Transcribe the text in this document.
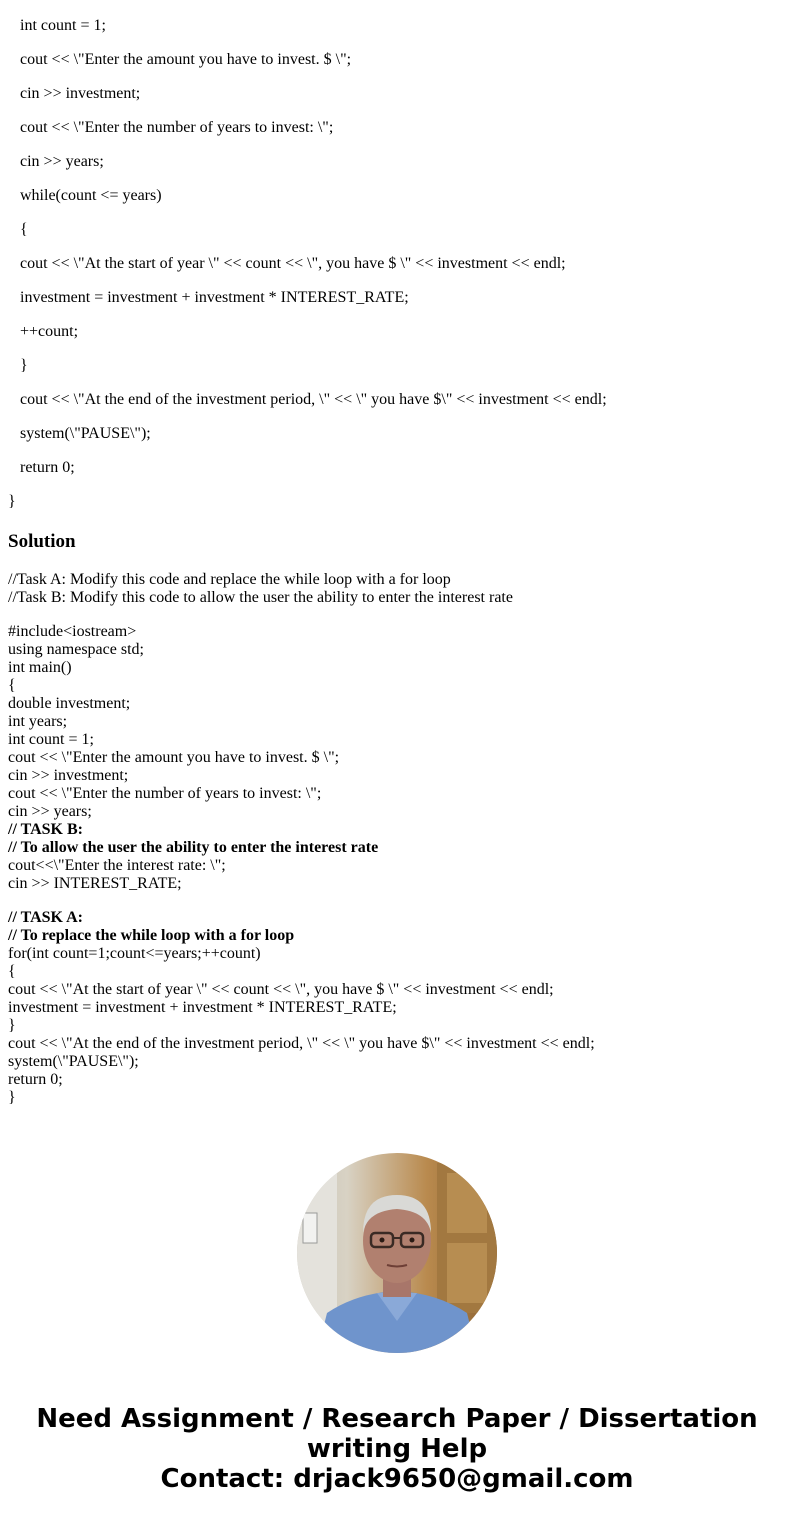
int count = 1;
cout << \"Enter the amount you have to invest. $ \";
cin >> investment;
cout << \"Enter the number of years to invest: \";
cin >> years;
while(count <= years)
{
cout << \"At the start of year \" << count << \", you have $ \" << investment << endl;
investment = investment + investment * INTEREST_RATE;
++count;
}
cout << \"At the end of the investment period, \" << \" you have $\" << investment << endl;
system(\"PAUSE\");
return 0;
}
Solution
//Task A: Modify this code and replace the while loop with a for loop
//Task B: Modify this code to allow the user the ability to enter the interest rate
#include<iostream>
using namespace std;
int main()
{
double investment;
int years;
int count = 1;
cout << \"Enter the amount you have to invest. $ \";
cin >> investment;
cout << \"Enter the number of years to invest: \";
cin >> years;
// TASK B:
// To allow the user the ability to enter the interest rate
cout<<\"Enter the interest rate: \";
cin >> INTEREST_RATE;
// TASK A:
// To replace the while loop with a for loop
for(int count=1;count<=years;++count)
{
cout << \"At the start of year \" << count << \", you have $ \" << investment << endl;
investment = investment + investment * INTEREST_RATE;
}
cout << \"At the end of the investment period, \" << \" you have $\" << investment << endl;
system(\"PAUSE\");
return 0;
}
Need Assignment / Research Paper / Dissertation
writing Help
Contact: drjack9650@gmail.com
